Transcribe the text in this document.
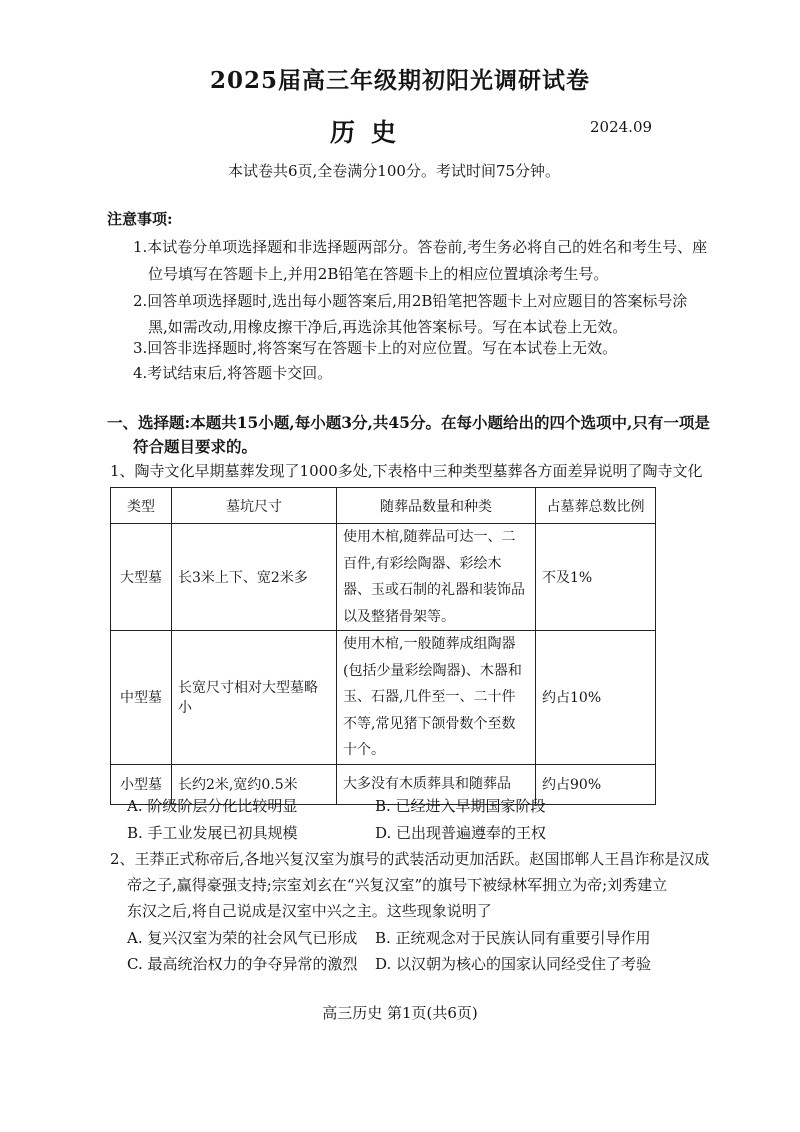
2025届高三年级期初阳光调研试卷
历史	2024.09
本试卷共6页,全卷满分100分。考试时间75分钟。
注意事项:
1.本试卷分单项选择题和非选择题两部分。答卷前,考生务必将自己的姓名和考生号、座
位号填写在答题卡上,并用2B铅笔在答题卡上的相应位置填涂考生号。
2.回答单项选择题时,选出每小题答案后,用2B铅笔把答题卡上对应题目的答案标号涂
黑,如需改动,用橡皮擦干净后,再选涂其他答案标号。写在本试卷上无效。
3.回答非选择题时,将答案写在答题卡上的对应位置。写在本试卷上无效。
4.考试结束后,将答题卡交回。
一、选择题:本题共15小题,每小题3分,共45分。在每小题给出的四个选项中,只有一项是
符合题目要求的。
1、陶寺文化早期墓葬发现了1000多处,下表格中三种类型墓葬各方面差异说明了陶寺文化
类型	墓坑尺寸	随葬品数量和种类	占墓葬总数比例
大型墓	长3米上下、宽2米多	使用木棺,随葬品可达一、二百件,有彩绘陶器、彩绘木器、玉或石制的礼器和装饰品以及整猪骨架等。	不及1%
中型墓	长宽尺寸相对大型墓略小	使用木棺,一般随葬成组陶器(包括少量彩绘陶器)、木器和玉、石器,几件至一、二十件不等,常见猪下颌骨数个至数十个。	约占10%
小型墓	长约2米,宽约0.5米	大多没有木质葬具和随葬品	约占90%
A. 阶级阶层分化比较明显	B. 已经进入早期国家阶段
B. 手工业发展已初具规模	D. 已出现普遍遵奉的王权
2、王莽正式称帝后,各地兴复汉室为旗号的武装活动更加活跃。赵国邯郸人王昌诈称是汉成
帝之子,赢得豪强支持;宗室刘玄在“兴复汉室”的旗号下被绿林军拥立为帝;刘秀建立
东汉之后,将自己说成是汉室中兴之主。这些现象说明了
A. 复兴汉室为荣的社会风气已形成 B. 正统观念对于民族认同有重要引导作用
C. 最高统治权力的争夺异常的激烈 D. 以汉朝为核心的国家认同经受住了考验
高三历史 第1页(共6页)
